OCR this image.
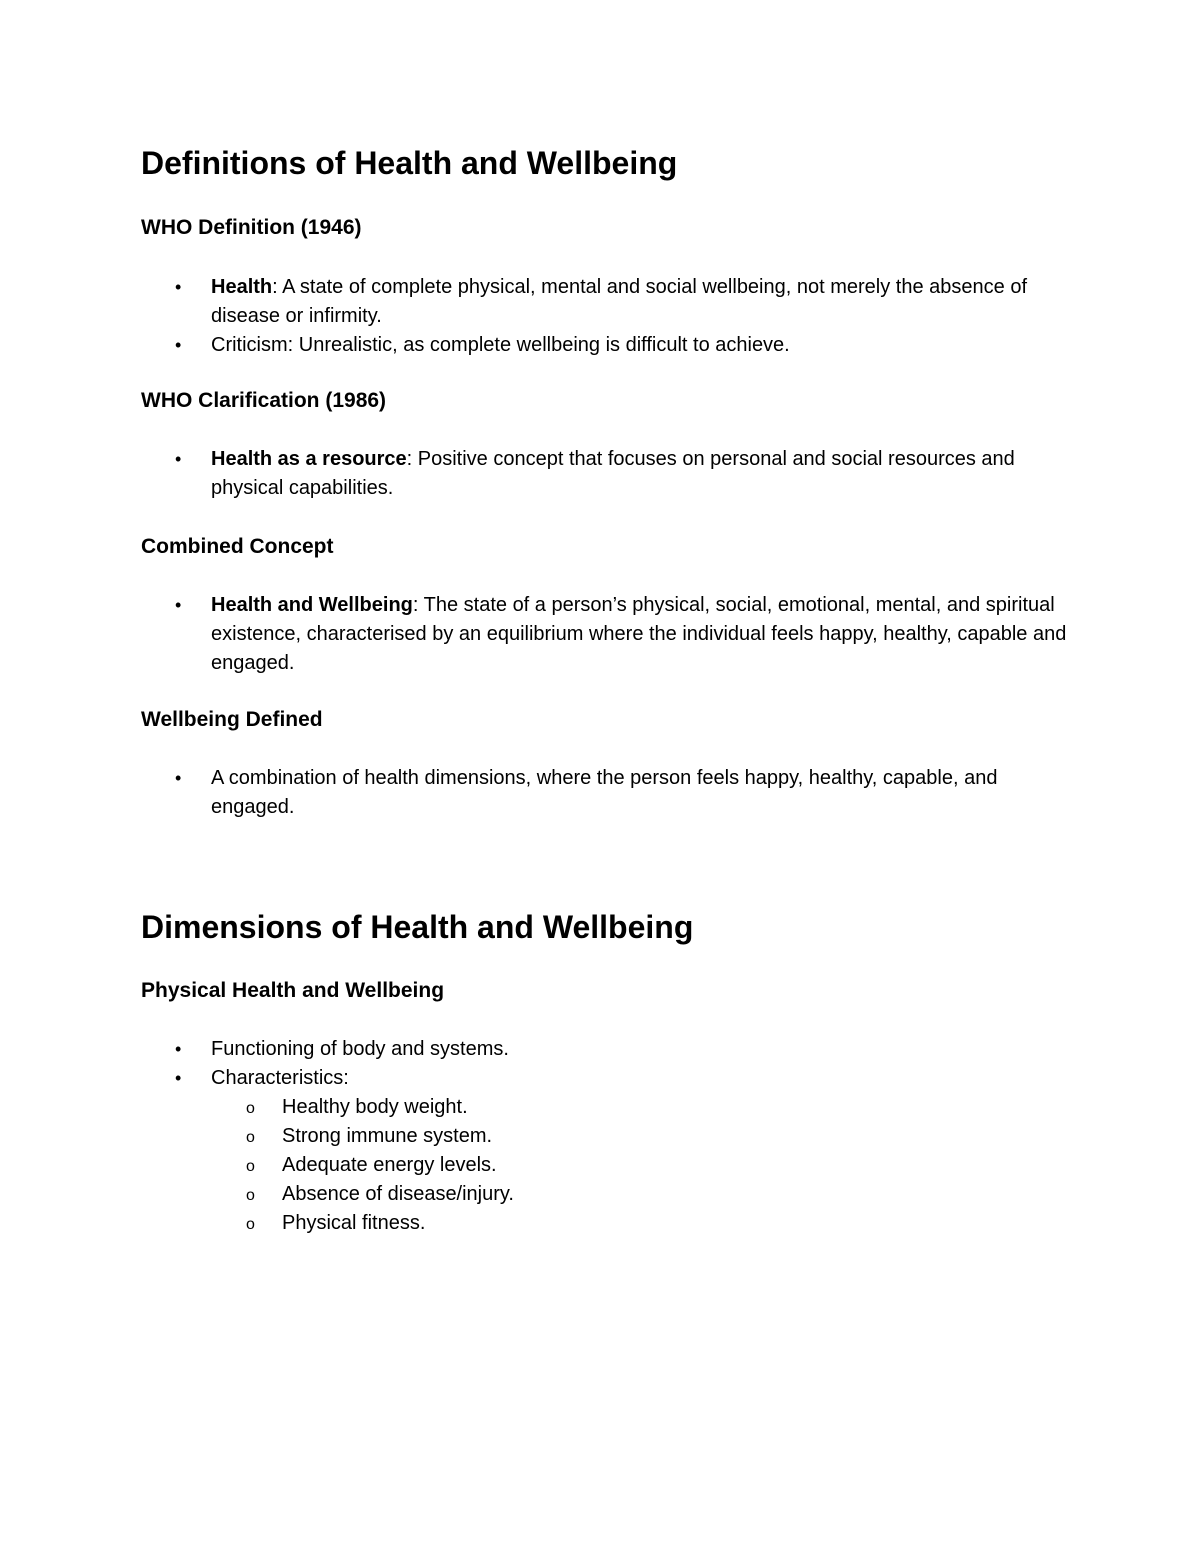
Definitions of Health and Wellbeing
WHO Definition (1946)
• Health: A state of complete physical, mental and social wellbeing, not merely the absence of disease or infirmity.
• Criticism: Unrealistic, as complete wellbeing is difficult to achieve.
WHO Clarification (1986)
• Health as a resource: Positive concept that focuses on personal and social resources and physical capabilities.
Combined Concept
• Health and Wellbeing: The state of a person’s physical, social, emotional, mental, and spiritual existence, characterised by an equilibrium where the individual feels happy, healthy, capable and engaged.
Wellbeing Defined
• A combination of health dimensions, where the person feels happy, healthy, capable, and engaged.
Dimensions of Health and Wellbeing
Physical Health and Wellbeing
• Functioning of body and systems.
• Characteristics:
o Healthy body weight.
o Strong immune system.
o Adequate energy levels.
o Absence of disease/injury.
o Physical fitness.
